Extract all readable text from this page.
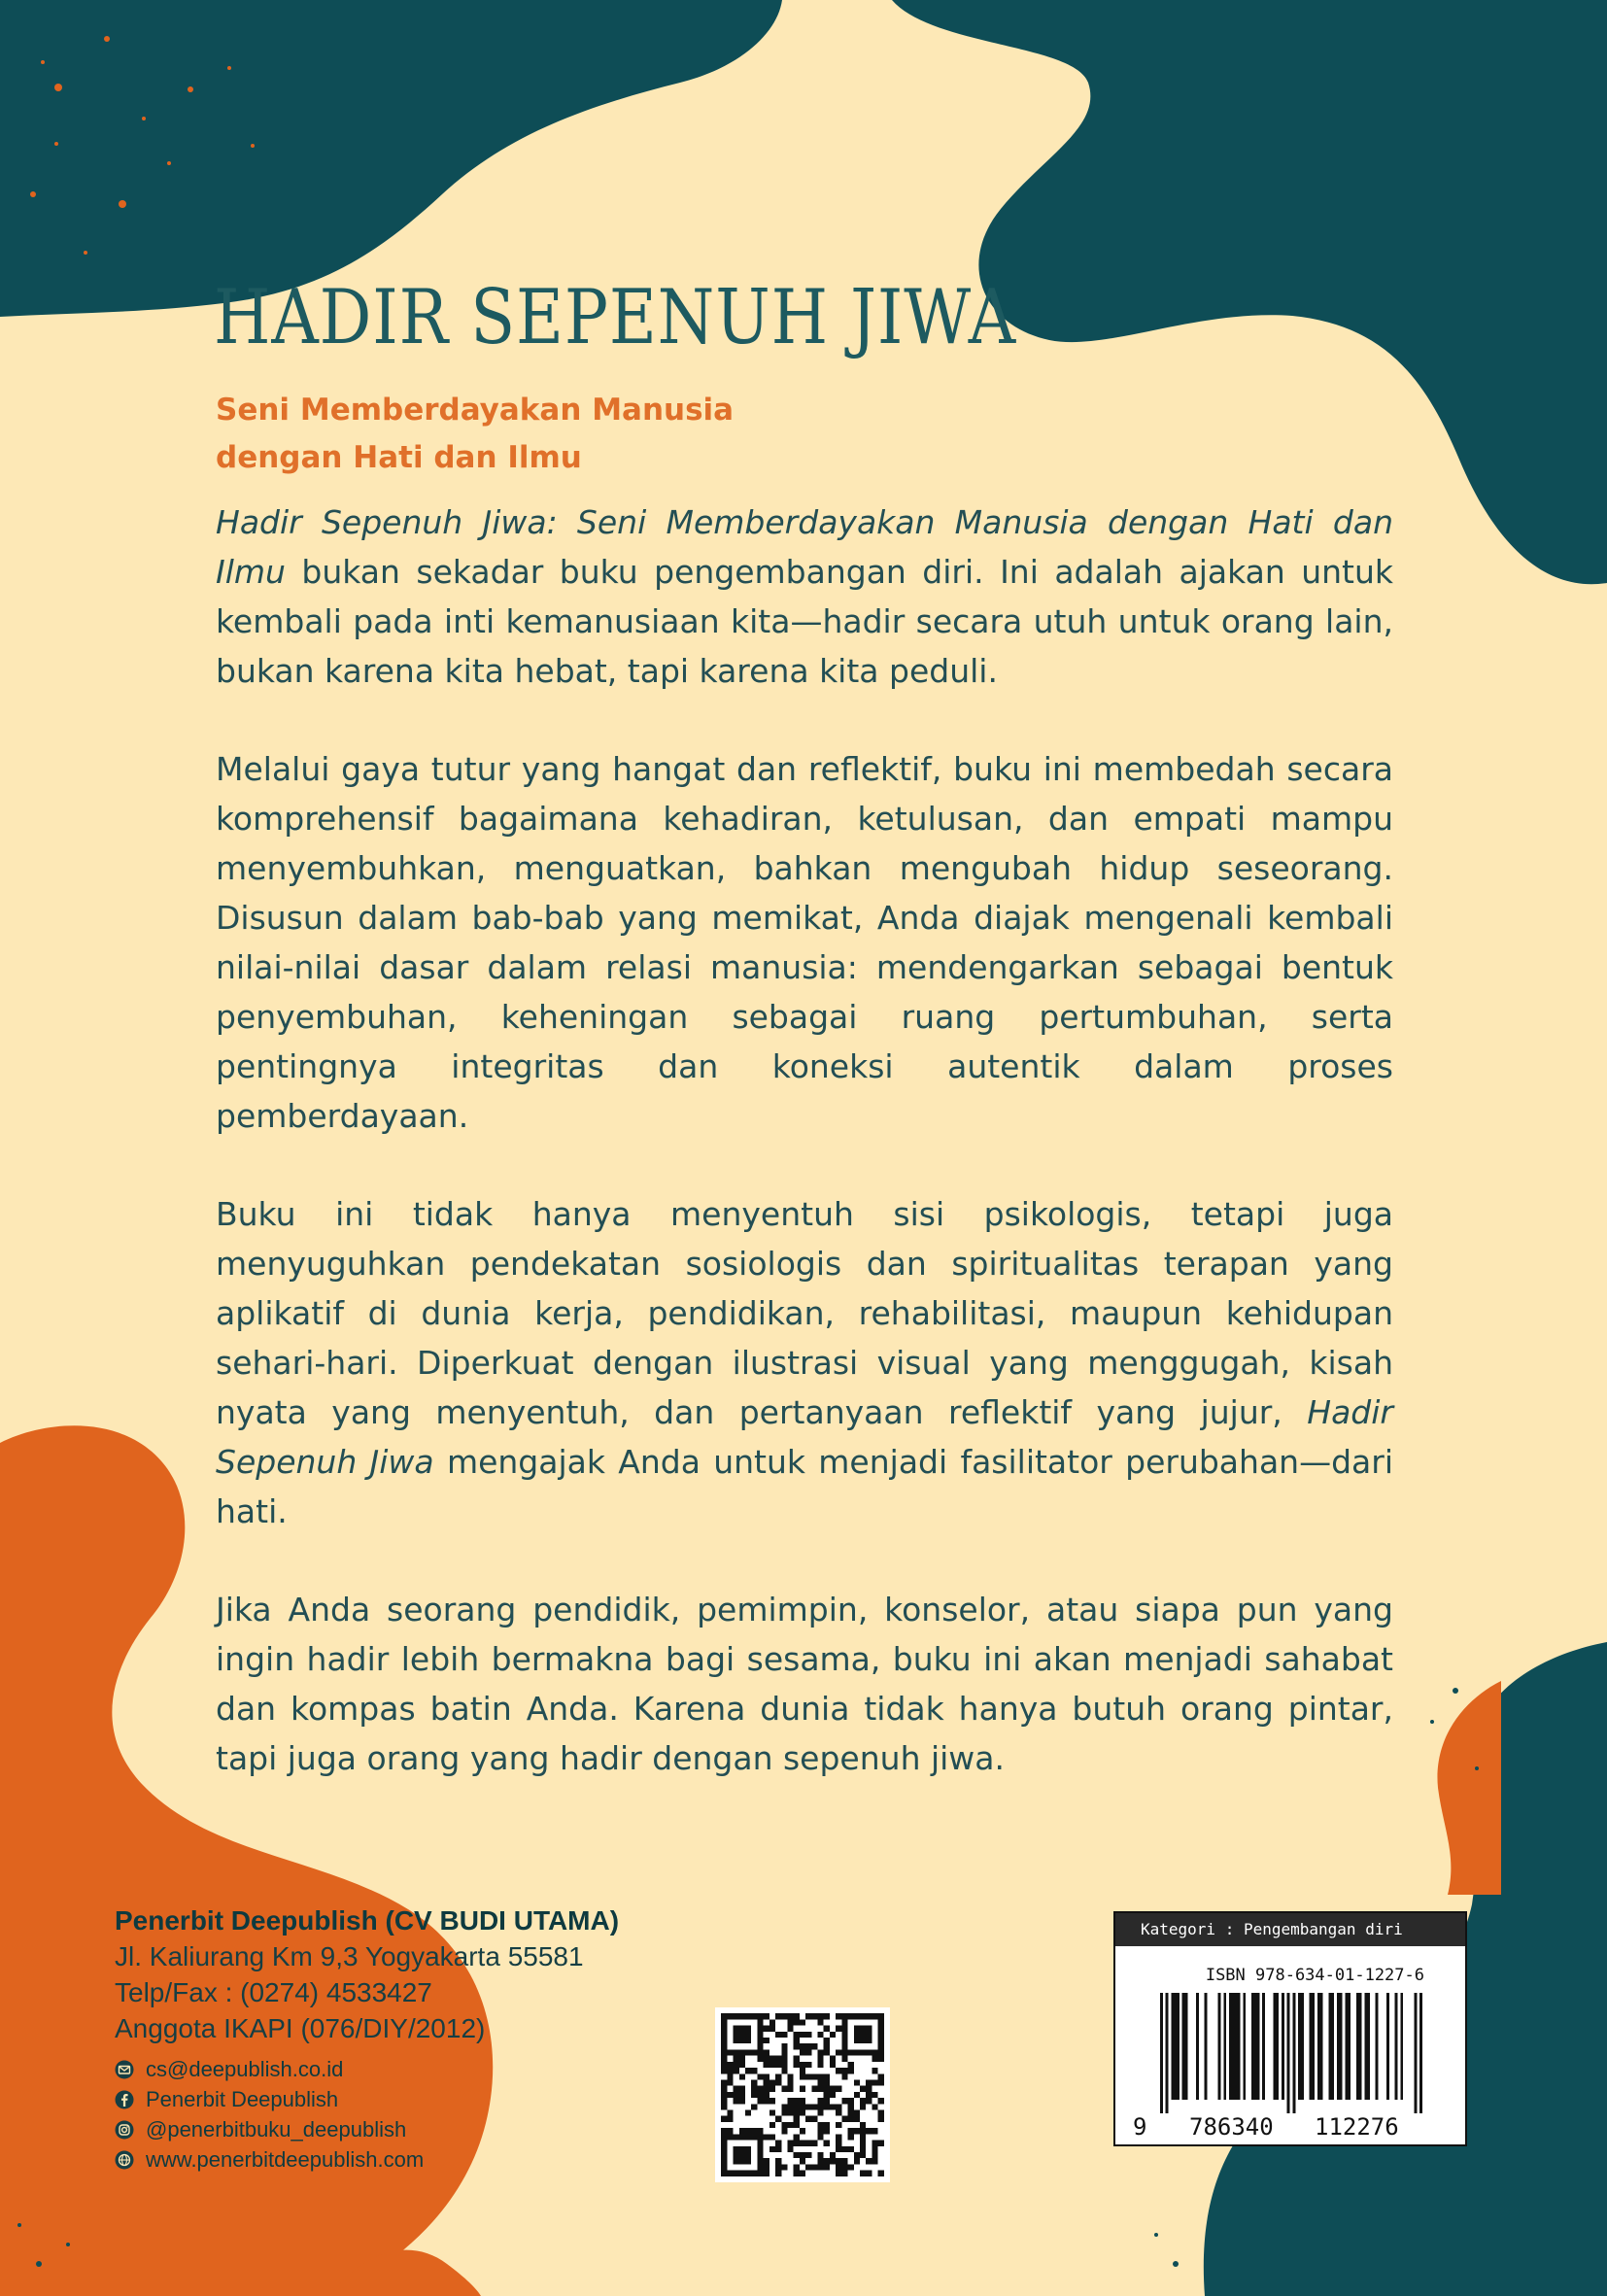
HADIR SEPENUH JIWA
Seni Memberdayakan Manusia
dengan Hati dan Ilmu

Hadir Sepenuh Jiwa: Seni Memberdayakan Manusia dengan Hati dan Ilmu bukan sekadar buku pengembangan diri. Ini adalah ajakan untuk kembali pada inti kemanusiaan kita—hadir secara utuh untuk orang lain, bukan karena kita hebat, tapi karena kita peduli.

Melalui gaya tutur yang hangat dan reflektif, buku ini membedah secara komprehensif bagaimana kehadiran, ketulusan, dan empati mampu menyembuhkan, menguatkan, bahkan mengubah hidup seseorang. Disusun dalam bab-bab yang memikat, Anda diajak mengenali kembali nilai-nilai dasar dalam relasi manusia: mendengarkan sebagai bentuk penyembuhan, keheningan sebagai ruang pertumbuhan, serta pentingnya integritas dan koneksi autentik dalam proses pemberdayaan.

Buku ini tidak hanya menyentuh sisi psikologis, tetapi juga menyuguhkan pendekatan sosiologis dan spiritualitas terapan yang aplikatif di dunia kerja, pendidikan, rehabilitasi, maupun kehidupan sehari-hari. Diperkuat dengan ilustrasi visual yang menggugah, kisah nyata yang menyentuh, dan pertanyaan reflektif yang jujur, Hadir Sepenuh Jiwa mengajak Anda untuk menjadi fasilitator perubahan—dari hati.

Jika Anda seorang pendidik, pemimpin, konselor, atau siapa pun yang ingin hadir lebih bermakna bagi sesama, buku ini akan menjadi sahabat dan kompas batin Anda. Karena dunia tidak hanya butuh orang pintar, tapi juga orang yang hadir dengan sepenuh jiwa.

Penerbit Deepublish (CV BUDI UTAMA)
Jl. Kaliurang Km 9,3 Yogyakarta 55581
Telp/Fax : (0274) 4533427
Anggota IKAPI (076/DIY/2012)
cs@deepublish.co.id
Penerbit Deepublish
@penerbitbuku_deepublish
www.penerbitdeepublish.com
Kategori : Pengembangan diri
ISBN 978-634-01-1227-6
9 786340 112276
